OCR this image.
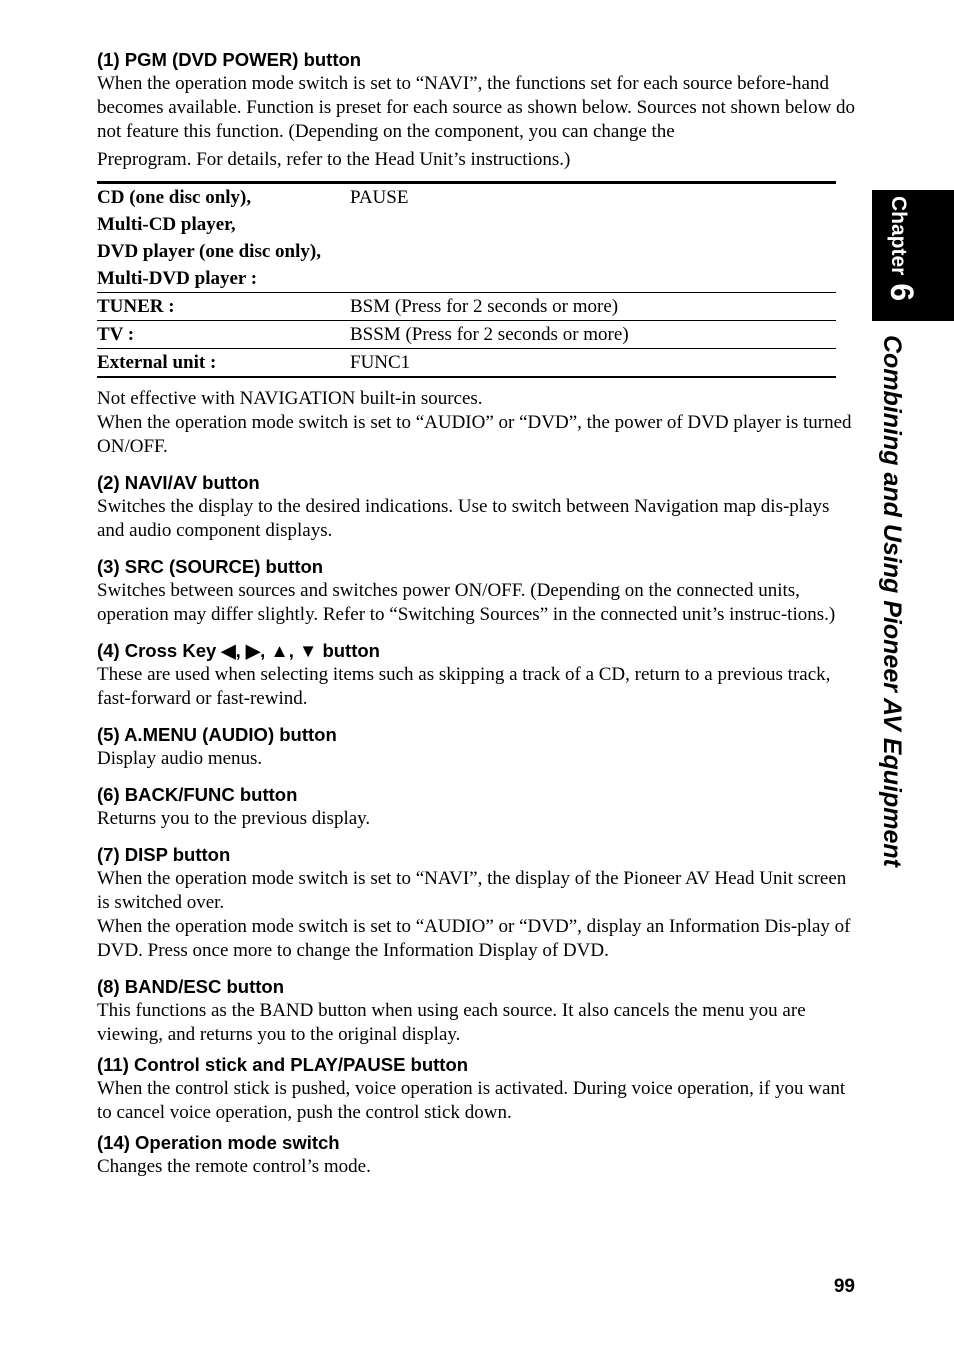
(1) PGM (DVD POWER) button

When the operation mode switch is set to “NAVI”, the functions set for each source before-hand becomes available. Function is preset for each source as shown below. Sources not shown below do not feature this function. (Depending on the component, you can change the

Preprogram. For details, refer to the Head Unit’s instructions.)

CD (one disc only),
Multi-CD player,
DVD player (one disc only),
Multi-DVD player :	PAUSE
TUNER :	BSM (Press for 2 seconds or more)
TV :	BSSM (Press for 2 seconds or more)
External unit :	FUNC1

Not effective with NAVIGATION built-in sources.

When the operation mode switch is set to “AUDIO” or “DVD”, the power of DVD player is turned ON/OFF.

(2) NAVI/AV button

Switches the display to the desired indications. Use to switch between Navigation map dis-plays and audio component displays.

(3) SRC (SOURCE) button

Switches between sources and switches power ON/OFF. (Depending on the connected units, operation may differ slightly. Refer to “Switching Sources” in the connected unit’s instruc-tions.)

(4) Cross Key ◀, ▶, ▲, ▼ button

These are used when selecting items such as skipping a track of a CD, return to a previous track, fast-forward or fast-rewind.

(5) A.MENU (AUDIO) button

Display audio menus.

(6) BACK/FUNC button

Returns you to the previous display.

(7) DISP button

When the operation mode switch is set to “NAVI”, the display of the Pioneer AV Head Unit screen is switched over.

When the operation mode switch is set to “AUDIO” or “DVD”, display an Information Dis-play of DVD. Press once more to change the Information Display of DVD.

(8) BAND/ESC button

This functions as the BAND button when using each source. It also cancels the menu you are viewing, and returns you to the original display.

(11) Control stick and PLAY/PAUSE button

When the control stick is pushed, voice operation is activated. During voice operation, if you want to cancel voice operation, push the control stick down.

(14) Operation mode switch

Changes the remote control’s mode.

Chapter
6
Combining and Using Pioneer AV Equipment
99
